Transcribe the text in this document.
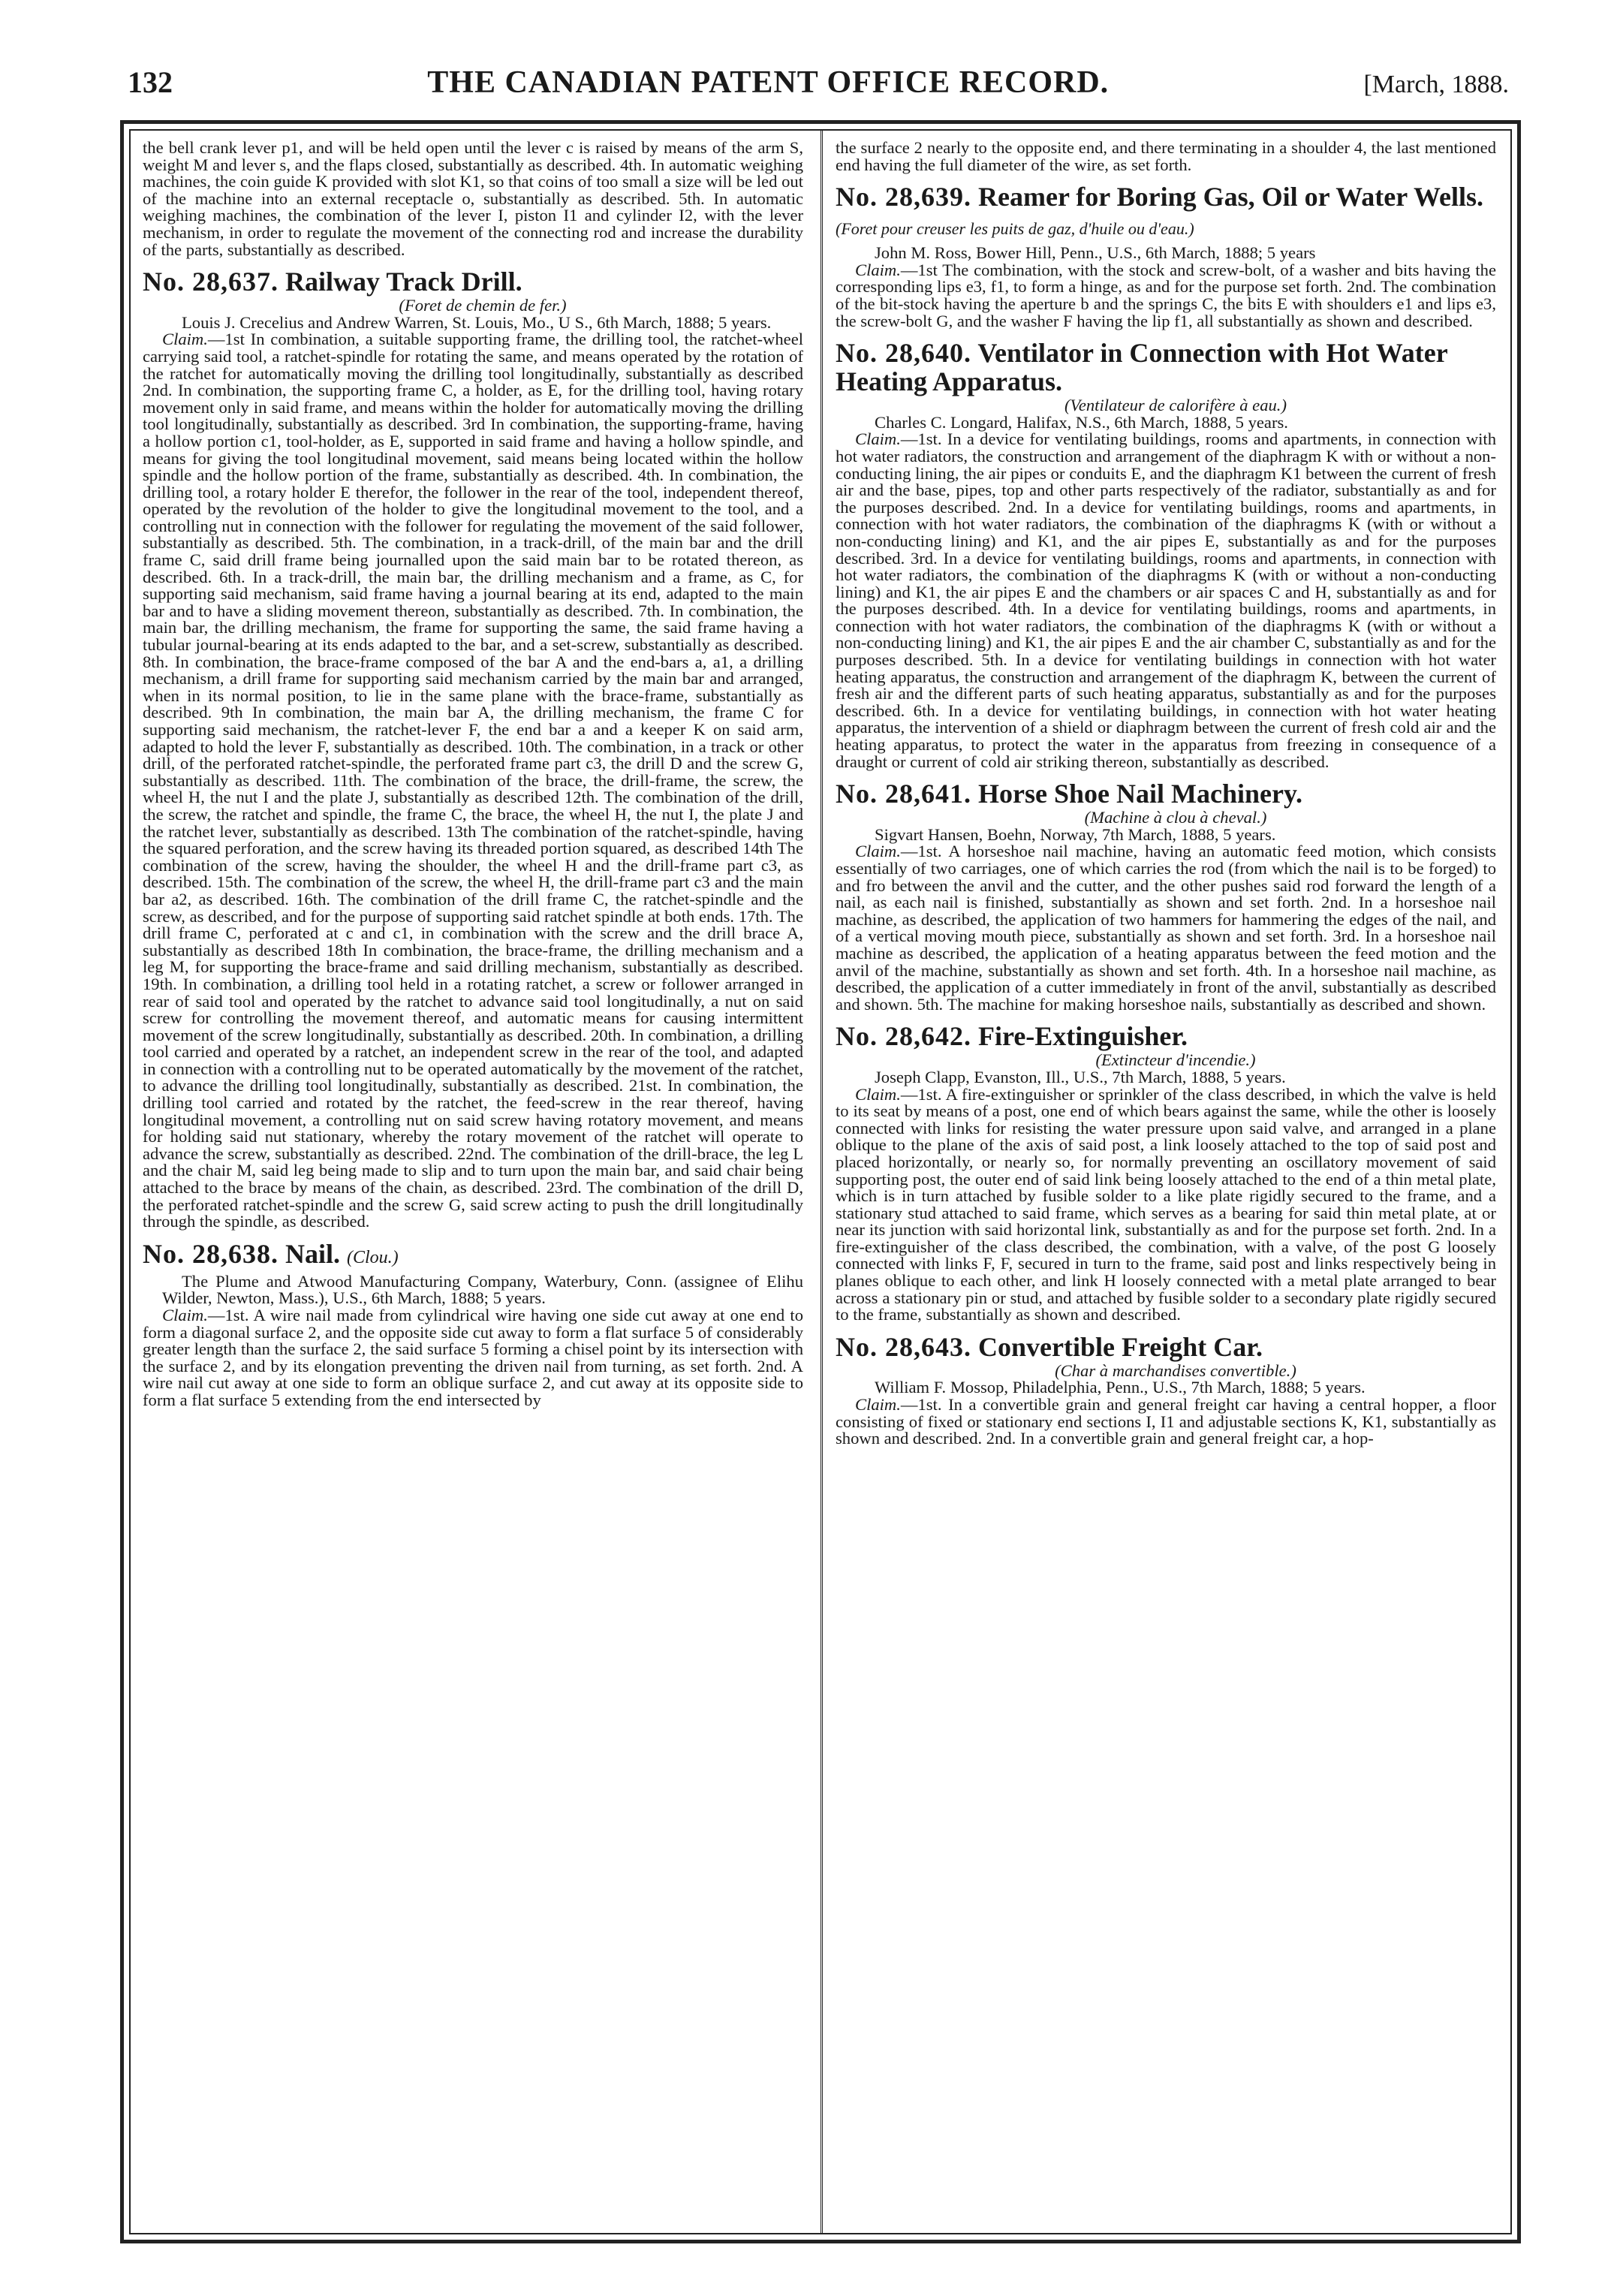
132	THE CANADIAN PATENT OFFICE RECORD.	[March, 1888.

the bell crank lever p1, and will be held open until the lever c is raised by means of the arm S, weight M and lever s, and the flaps closed, substantially as described. 4th. In automatic weighing machines, the coin guide K provided with slot K1, so that coins of too small a size will be led out of the machine into an external receptacle o, substantially as described. 5th. In automatic weighing machines, the combination of the lever I, piston I1 and cylinder I2, with the lever mechanism, in order to regulate the movement of the connecting rod and increase the durability of the parts, substantially as described.

No. 28,637. Railway Track Drill.

(Foret de chemin de fer.)

Louis J. Crecelius and Andrew Warren, St. Louis, Mo., U S., 6th March, 1888; 5 years.

Claim.—1st In combination, a suitable supporting frame, the drilling tool, the ratchet-wheel carrying said tool, a ratchet-spindle for rotating the same, and means operated by the rotation of the ratchet for automatically moving the drilling tool longitudinally, substantially as described 2nd. In combination, the supporting frame C, a holder, as E, for the drilling tool, having rotary movement only in said frame, and means within the holder for automatically moving the drilling tool longitudinally, substantially as described. 3rd In combination, the supporting-frame, having a hollow portion c1, tool-holder, as E, supported in said frame and having a hollow spindle, and means for giving the tool longitudinal movement, said means being located within the hollow spindle and the hollow portion of the frame, substantially as described. 4th. In combination, the drilling tool, a rotary holder E therefor, the follower in the rear of the tool, independent thereof, operated by the revolution of the holder to give the longitudinal movement to the tool, and a controlling nut in connection with the follower for regulating the movement of the said follower, substantially as described. 5th. The combination, in a track-drill, of the main bar and the drill frame C, said drill frame being journalled upon the said main bar to be rotated thereon, as described. 6th. In a track-drill, the main bar, the drilling mechanism and a frame, as C, for supporting said mechanism, said frame having a journal bearing at its end, adapted to the main bar and to have a sliding movement thereon, substantially as described. 7th. In combination, the main bar, the drilling mechanism, the frame for supporting the same, the said frame having a tubular journal-bearing at its ends adapted to the bar, and a set-screw, substantially as described. 8th. In combination, the brace-frame composed of the bar A and the end-bars a, a1, a drilling mechanism, a drill frame for supporting said mechanism carried by the main bar and arranged, when in its normal position, to lie in the same plane with the brace-frame, substantially as described. 9th In combination, the main bar A, the drilling mechanism, the frame C for supporting said mechanism, the ratchet-lever F, the end bar a and a keeper K on said arm, adapted to hold the lever F, substantially as described. 10th. The combination, in a track or other drill, of the perforated ratchet-spindle, the perforated frame part c3, the drill D and the screw G, substantially as described. 11th. The combination of the brace, the drill-frame, the screw, the wheel H, the nut I and the plate J, substantially as described 12th. The combination of the drill, the screw, the ratchet and spindle, the frame C, the brace, the wheel H, the nut I, the plate J and the ratchet lever, substantially as described. 13th The combination of the ratchet-spindle, having the squared perforation, and the screw having its threaded portion squared, as described 14th The combination of the screw, having the shoulder, the wheel H and the drill-frame part c3, as described. 15th. The combination of the screw, the wheel H, the drill-frame part c3 and the main bar a2, as described. 16th. The combination of the drill frame C, the ratchet-spindle and the screw, as described, and for the purpose of supporting said ratchet spindle at both ends. 17th. The drill frame C, perforated at c and c1, in combination with the screw and the drill brace A, substantially as described 18th In combination, the brace-frame, the drilling mechanism and a leg M, for supporting the brace-frame and said drilling mechanism, substantially as described. 19th. In combination, a drilling tool held in a rotating ratchet, a screw or follower arranged in rear of said tool and operated by the ratchet to advance said tool longitudinally, a nut on said screw for controlling the movement thereof, and automatic means for causing intermittent movement of the screw longitudinally, substantially as described. 20th. In combination, a drilling tool carried and operated by a ratchet, an independent screw in the rear of the tool, and adapted in connection with a controlling nut to be operated automatically by the movement of the ratchet, to advance the drilling tool longitudinally, substantially as described. 21st. In combination, the drilling tool carried and rotated by the ratchet, the feed-screw in the rear thereof, having longitudinal movement, a controlling nut on said screw having rotatory movement, and means for holding said nut stationary, whereby the rotary movement of the ratchet will operate to advance the screw, substantially as described. 22nd. The combination of the drill-brace, the leg L and the chair M, said leg being made to slip and to turn upon the main bar, and said chair being attached to the brace by means of the chain, as described. 23rd. The combination of the drill D, the perforated ratchet-spindle and the screw G, said screw acting to push the drill longitudinally through the spindle, as described.

No. 28,638. Nail. (Clou.)

The Plume and Atwood Manufacturing Company, Waterbury, Conn. (assignee of Elihu Wilder, Newton, Mass.), U.S., 6th March, 1888; 5 years.

Claim.—1st. A wire nail made from cylindrical wire having one side cut away at one end to form a diagonal surface 2, and the opposite side cut away to form a flat surface 5 of considerably greater length than the surface 2, the said surface 5 forming a chisel point by its intersection with the surface 2, and by its elongation preventing the driven nail from turning, as set forth. 2nd. A wire nail cut away at one side to form an oblique surface 2, and cut away at its opposite side to form a flat surface 5 extending from the end intersected by

the surface 2 nearly to the opposite end, and there terminating in a shoulder 4, the last mentioned end having the full diameter of the wire, as set forth.

No. 28,639. Reamer for Boring Gas, Oil or Water Wells. (Foret pour creuser les puits de gaz, d'huile ou d'eau.)

John M. Ross, Bower Hill, Penn., U.S., 6th March, 1888; 5 years

Claim.—1st The combination, with the stock and screw-bolt, of a washer and bits having the corresponding lips e3, f1, to form a hinge, as and for the purpose set forth. 2nd. The combination of the bit-stock having the aperture b and the springs C, the bits E with shoulders e1 and lips e3, the screw-bolt G, and the washer F having the lip f1, all substantially as shown and described.

No. 28,640. Ventilator in Connection with Hot Water Heating Apparatus.

(Ventilateur de calorifère à eau.)

Charles C. Longard, Halifax, N.S., 6th March, 1888, 5 years.

Claim.—1st. In a device for ventilating buildings, rooms and apartments, in connection with hot water radiators, the construction and arrangement of the diaphragm K with or without a non-conducting lining, the air pipes or conduits E, and the diaphragm K1 between the current of fresh air and the base, pipes, top and other parts respectively of the radiator, substantially as and for the purposes described. 2nd. In a device for ventilating buildings, rooms and apartments, in connection with hot water radiators, the combination of the diaphragms K (with or without a non-conducting lining) and K1, and the air pipes E, substantially as and for the purposes described. 3rd. In a device for ventilating buildings, rooms and apartments, in connection with hot water radiators, the combination of the diaphragms K (with or without a non-conducting lining) and K1, the air pipes E and the chambers or air spaces C and H, substantially as and for the purposes described. 4th. In a device for ventilating buildings, rooms and apartments, in connection with hot water radiators, the combination of the diaphragms K (with or without a non-conducting lining) and K1, the air pipes E and the air chamber C, substantially as and for the purposes described. 5th. In a device for ventilating buildings in connection with hot water heating apparatus, the construction and arrangement of the diaphragm K, between the current of fresh air and the different parts of such heating apparatus, substantially as and for the purposes described. 6th. In a device for ventilating buildings, in connection with hot water heating apparatus, the intervention of a shield or diaphragm between the current of fresh cold air and the heating apparatus, to protect the water in the apparatus from freezing in consequence of a draught or current of cold air striking thereon, substantially as described.

No. 28,641. Horse Shoe Nail Machinery.

(Machine à clou à cheval.)

Sigvart Hansen, Boehn, Norway, 7th March, 1888, 5 years.

Claim.—1st. A horseshoe nail machine, having an automatic feed motion, which consists essentially of two carriages, one of which carries the rod (from which the nail is to be forged) to and fro between the anvil and the cutter, and the other pushes said rod forward the length of a nail, as each nail is finished, substantially as shown and set forth. 2nd. In a horseshoe nail machine, as described, the application of two hammers for hammering the edges of the nail, and of a vertical moving mouth piece, substantially as shown and set forth. 3rd. In a horseshoe nail machine as described, the application of a heating apparatus between the feed motion and the anvil of the machine, substantially as shown and set forth. 4th. In a horseshoe nail machine, as described, the application of a cutter immediately in front of the anvil, substantially as described and shown. 5th. The machine for making horseshoe nails, substantially as described and shown.

No. 28,642. Fire-Extinguisher.

(Extincteur d'incendie.)

Joseph Clapp, Evanston, Ill., U.S., 7th March, 1888, 5 years.

Claim.—1st. A fire-extinguisher or sprinkler of the class described, in which the valve is held to its seat by means of a post, one end of which bears against the same, while the other is loosely connected with links for resisting the water pressure upon said valve, and arranged in a plane oblique to the plane of the axis of said post, a link loosely attached to the top of said post and placed horizontally, or nearly so, for normally preventing an oscillatory movement of said supporting post, the outer end of said link being loosely attached to the end of a thin metal plate, which is in turn attached by fusible solder to a like plate rigidly secured to the frame, and a stationary stud attached to said frame, which serves as a bearing for said thin metal plate, at or near its junction with said horizontal link, substantially as and for the purpose set forth. 2nd. In a fire-extinguisher of the class described, the combination, with a valve, of the post G loosely connected with links F, F, secured in turn to the frame, said post and links respectively being in planes oblique to each other, and link H loosely connected with a metal plate arranged to bear across a stationary pin or stud, and attached by fusible solder to a secondary plate rigidly secured to the frame, substantially as shown and described.

No. 28,643. Convertible Freight Car.

(Char à marchandises convertible.)

William F. Mossop, Philadelphia, Penn., U.S., 7th March, 1888; 5 years.

Claim.—1st. In a convertible grain and general freight car having a central hopper, a floor consisting of fixed or stationary end sections I, I1 and adjustable sections K, K1, substantially as shown and described. 2nd. In a convertible grain and general freight car, a hop-
